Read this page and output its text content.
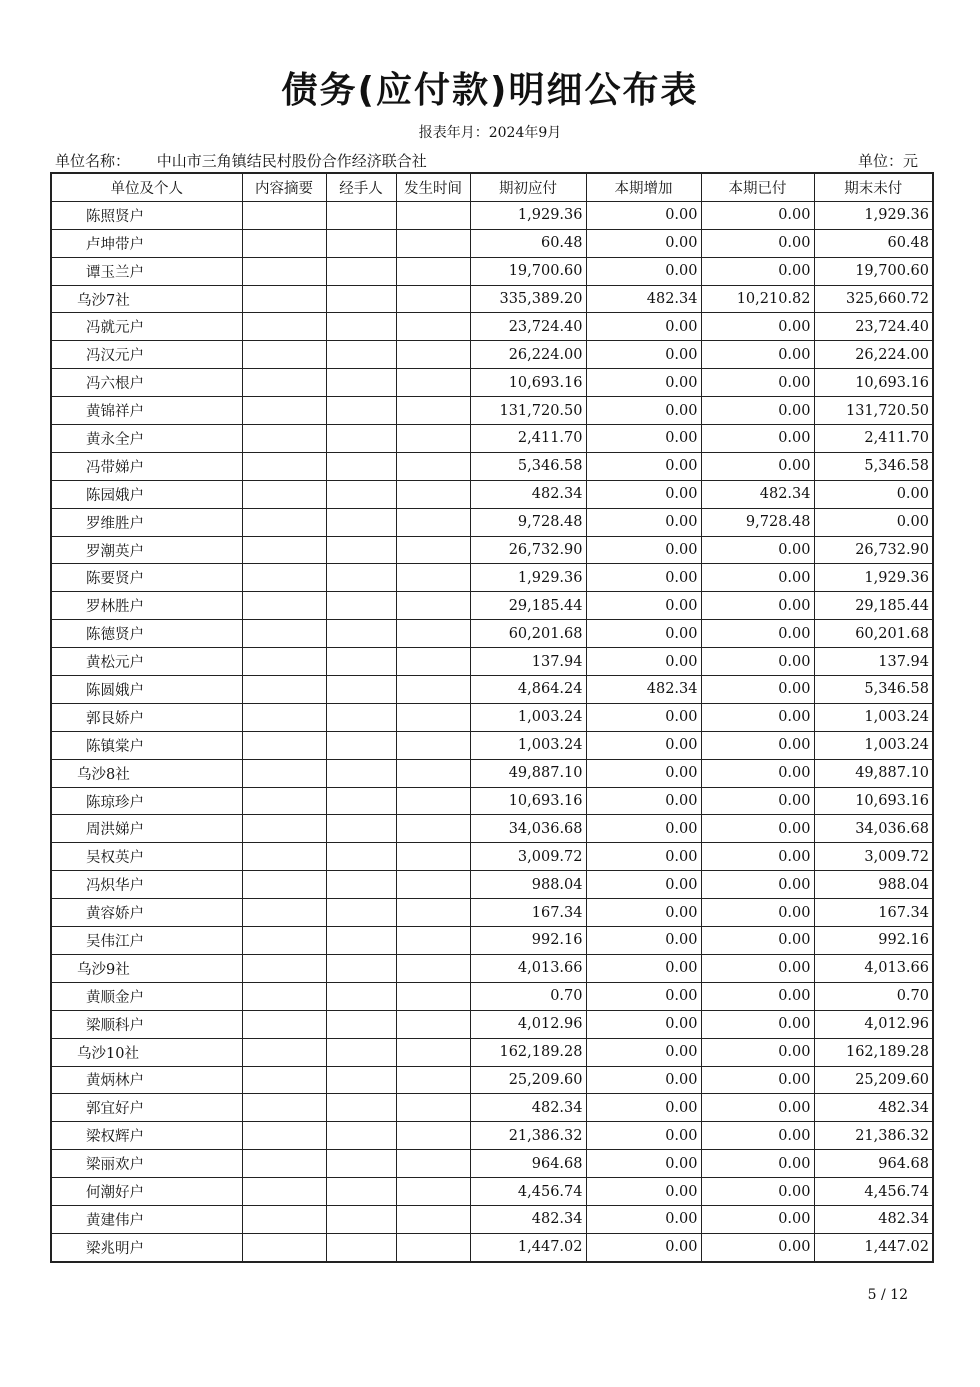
债务(应付款)明细公布表
报表年月：2024年9月
单位名称： 中山市三角镇结民村股份合作经济联合社	单位：元
单位及个人	内容摘要	经手人	发生时间	期初应付	本期增加	本期已付	期末未付
陈照贤户				1,929.36	0.00	0.00	1,929.36
卢坤带户				60.48	0.00	0.00	60.48
谭玉兰户				19,700.60	0.00	0.00	19,700.60
乌沙7社				335,389.20	482.34	10,210.82	325,660.72
冯就元户				23,724.40	0.00	0.00	23,724.40
冯汉元户				26,224.00	0.00	0.00	26,224.00
冯六根户				10,693.16	0.00	0.00	10,693.16
黄锦祥户				131,720.50	0.00	0.00	131,720.50
黄永全户				2,411.70	0.00	0.00	2,411.70
冯带娣户				5,346.58	0.00	0.00	5,346.58
陈园娥户				482.34	0.00	482.34	0.00
罗维胜户				9,728.48	0.00	9,728.48	0.00
罗潮英户				26,732.90	0.00	0.00	26,732.90
陈要贤户				1,929.36	0.00	0.00	1,929.36
罗林胜户				29,185.44	0.00	0.00	29,185.44
陈德贤户				60,201.68	0.00	0.00	60,201.68
黄松元户				137.94	0.00	0.00	137.94
陈圆娥户				4,864.24	482.34	0.00	5,346.58
郭艮娇户				1,003.24	0.00	0.00	1,003.24
陈镇棠户				1,003.24	0.00	0.00	1,003.24
乌沙8社				49,887.10	0.00	0.00	49,887.10
陈琼珍户				10,693.16	0.00	0.00	10,693.16
周洪娣户				34,036.68	0.00	0.00	34,036.68
吴权英户				3,009.72	0.00	0.00	3,009.72
冯炽华户				988.04	0.00	0.00	988.04
黄容娇户				167.34	0.00	0.00	167.34
吴伟江户				992.16	0.00	0.00	992.16
乌沙9社				4,013.66	0.00	0.00	4,013.66
黄顺金户				0.70	0.00	0.00	0.70
梁顺科户				4,012.96	0.00	0.00	4,012.96
乌沙10社				162,189.28	0.00	0.00	162,189.28
黄炳林户				25,209.60	0.00	0.00	25,209.60
郭宜好户				482.34	0.00	0.00	482.34
梁权辉户				21,386.32	0.00	0.00	21,386.32
梁丽欢户				964.68	0.00	0.00	964.68
何潮好户				4,456.74	0.00	0.00	4,456.74
黄建伟户				482.34	0.00	0.00	482.34
梁兆明户				1,447.02	0.00	0.00	1,447.02
5 / 12
